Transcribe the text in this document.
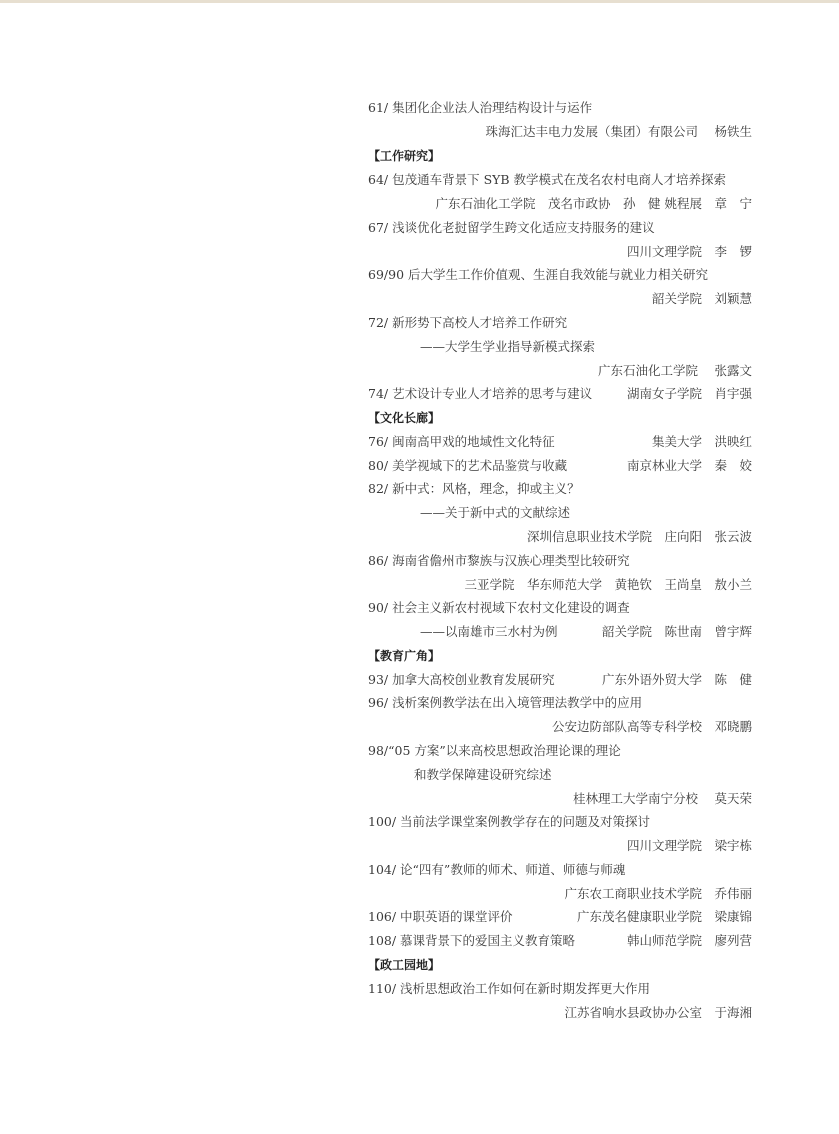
61/ 集团化企业法人治理结构设计与运作
珠海汇达丰电力发展（集团）有限公司　 杨铁生
【工作研究】
64/ 包茂通车背景下 SYB 教学模式在茂名农村电商人才培养探索
广东石油化工学院　茂名市政协　孙　健 姚程展　章　宁
67/ 浅谈优化老挝留学生跨文化适应支持服务的建议
四川文理学院　李　锣
69/90 后大学生工作价值观、生涯自我效能与就业力相关研究
韶关学院　刘颖慧
72/ 新形势下高校人才培养工作研究
——大学生学业指导新模式探索
广东石油化工学院　 张露文
74/ 艺术设计专业人才培养的思考与建议	湖南女子学院　肖宇强
【文化长廊】
76/ 闽南高甲戏的地域性文化特征	集美大学　洪映红
80/ 美学视域下的艺术品鉴赏与收藏	南京林业大学　秦　姣
82/ 新中式：风格，理念，抑或主义？
——关于新中式的文献综述
深圳信息职业技术学院　庄向阳　张云波
86/ 海南省儋州市黎族与汉族心理类型比较研究
三亚学院　华东师范大学　黄艳钦　王尚皇　敖小兰
90/ 社会主义新农村视域下农村文化建设的调查
——以南雄市三水村为例	韶关学院　陈世南　曾宇辉
【教育广角】
93/ 加拿大高校创业教育发展研究	广东外语外贸大学　陈　健
96/ 浅析案例教学法在出入境管理法教学中的应用
公安边防部队高等专科学校　邓晓鹏
98/“05 方案”以来高校思想政治理论课的理论
和教学保障建设研究综述
桂林理工大学南宁分校　 莫天荣
100/ 当前法学课堂案例教学存在的问题及对策探讨
四川文理学院　梁宇栋
104/ 论“四有”教师的师术、师道、师德与师魂
广东农工商职业技术学院　乔伟丽
106/ 中职英语的课堂评价	广东茂名健康职业学院　梁康锦
108/ 慕课背景下的爱国主义教育策略	韩山师范学院　廖列营
【政工园地】
110/ 浅析思想政治工作如何在新时期发挥更大作用
江苏省响水县政协办公室　于海湘
